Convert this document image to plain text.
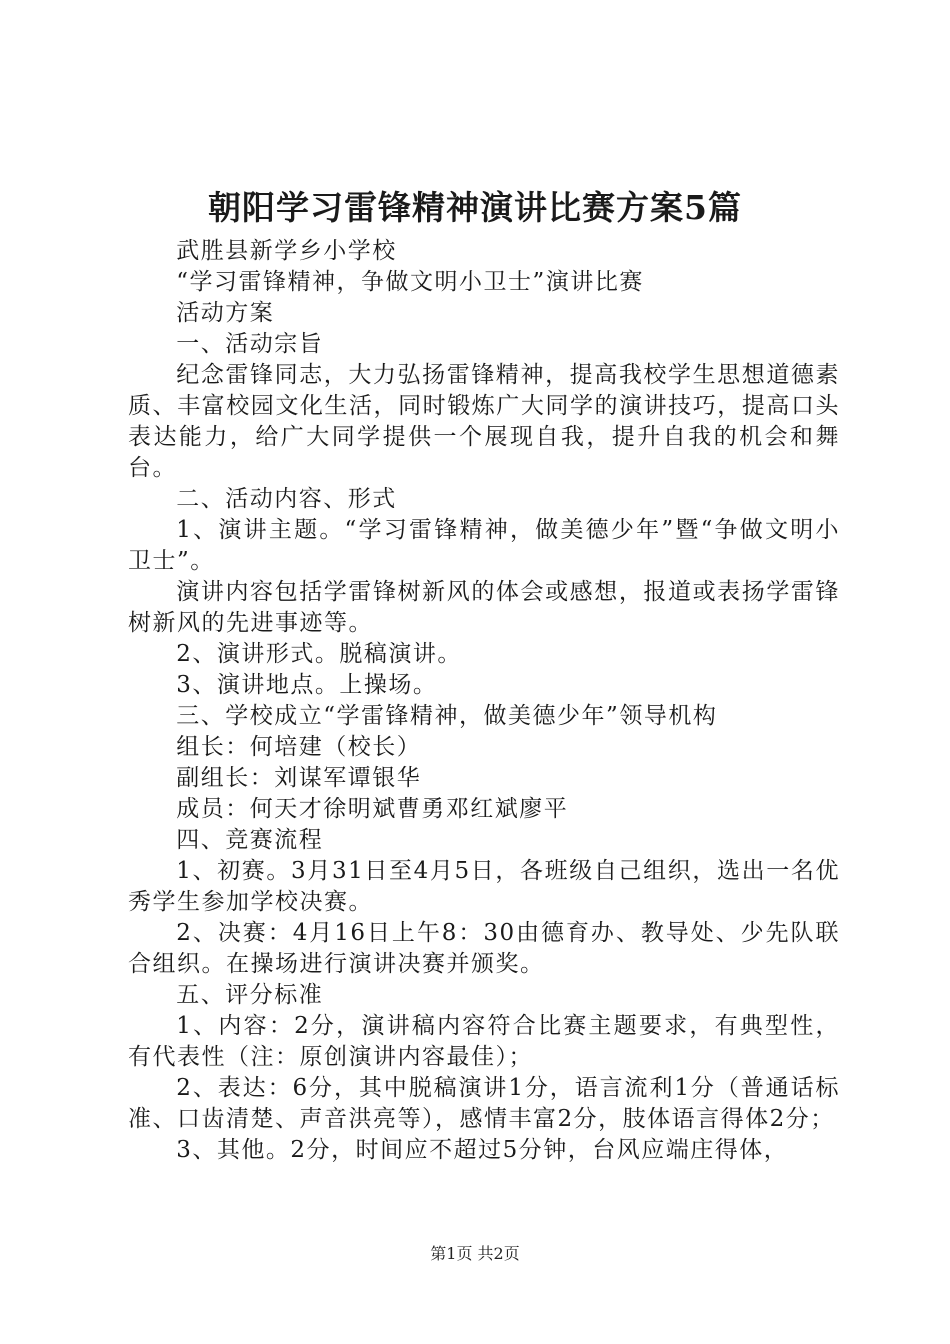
朝阳学习雷锋精神演讲比赛方案5篇

武胜县新学乡小学校

“学习雷锋精神，争做文明小卫士”演讲比赛

活动方案

一、活动宗旨

纪念雷锋同志，大力弘扬雷锋精神，提高我校学生思想道德素质、丰富校园文化生活，同时锻炼广大同学的演讲技巧，提高口头表达能力，给广大同学提供一个展现自我，提升自我的机会和舞台。

二、活动内容、形式

1、演讲主题。“学习雷锋精神，做美德少年”暨“争做文明小卫士”。

演讲内容包括学雷锋树新风的体会或感想，报道或表扬学雷锋树新风的先进事迹等。

2、演讲形式。脱稿演讲。

3、演讲地点。上操场。

三、学校成立“学雷锋精神，做美德少年”领导机构

组长：何培建（校长）

副组长：刘谋军谭银华

成员：何天才徐明斌曹勇邓红斌廖平

四、竞赛流程

1、初赛。3月31日至4月5日，各班级自己组织，选出一名优秀学生参加学校决赛。

2、决赛：4月16日上午8：30由德育办、教导处、少先队联合组织。在操场进行演讲决赛并颁奖。

五、评分标准

1、内容：2分，演讲稿内容符合比赛主题要求，有典型性，有代表性（注：原创演讲内容最佳）；

2、表达：6分，其中脱稿演讲1分，语言流利1分（普通话标准、口齿清楚、声音洪亮等），感情丰富2分，肢体语言得体2分；

3、其他。2分，时间应不超过5分钟，台风应端庄得体，

第1页 共2页
